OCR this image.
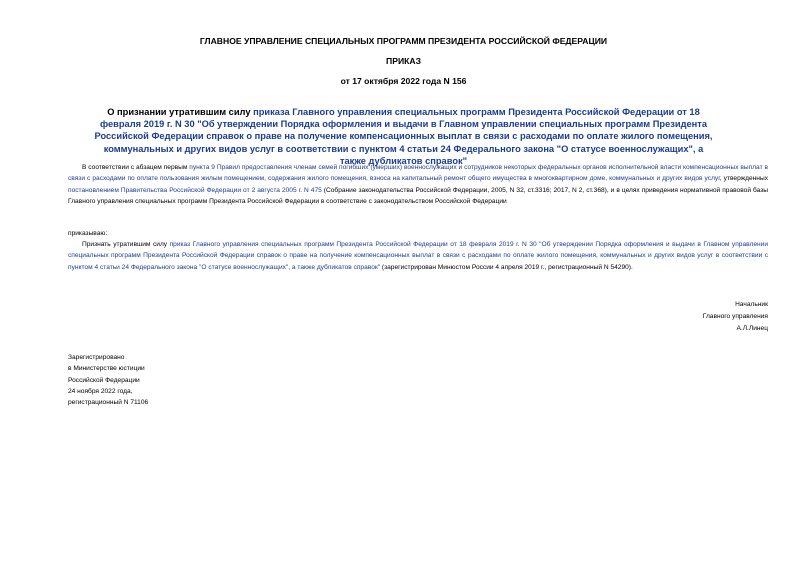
ГЛАВНОЕ УПРАВЛЕНИЕ СПЕЦИАЛЬНЫХ ПРОГРАММ ПРЕЗИДЕНТА РОССИЙСКОЙ ФЕДЕРАЦИИ
ПРИКАЗ
от 17 октября 2022 года N 156
О признании утратившим силу приказа Главного управления специальных программ Президента Российской Федерации от 18 февраля 2019 г. N 30 "Об утверждении Порядка оформления и выдачи в Главном управлении специальных программ Президента Российской Федерации справок о праве на получение компенсационных выплат в связи с расходами по оплате жилого помещения, коммунальных и других видов услуг в соответствии с пунктом 4 статьи 24 Федерального закона "О статусе военнослужащих", а также дубликатов справок"
В соответствии с абзацем первым пункта 9 Правил предоставления членам семей погибших (умерших) военнослужащих и сотрудников некоторых федеральных органов исполнительной власти компенсационных выплат в связи с расходами по оплате пользования жилым помещением, содержания жилого помещения, взноса на капитальный ремонт общего имущества в многоквартирном доме, коммунальных и других видов услуг, утвержденных постановлением Правительства Российской Федерации от 2 августа 2005 г. N 475 (Собрание законодательства Российской Федерации, 2005, N 32, ст.3316; 2017, N 2, ст.368), и в целях приведения нормативной правовой базы Главного управления специальных программ Президента Российской Федерации в соответствие с законодательством Российской Федерации
приказываю:
Признать утратившим силу приказ Главного управления специальных программ Президента Российской Федерации от 18 февраля 2019 г. N 30 "Об утверждении Порядка оформления и выдачи в Главном управлении специальных программ Президента Российской Федерации справок о праве на получение компенсационных выплат в связи с расходами по оплате жилого помещения, коммунальных и других видов услуг в соответствии с пунктом 4 статьи 24 Федерального закона "О статусе военнослужащих", а также дубликатов справок" (зарегистрирован Минюстом России 4 апреля 2019 г., регистрационный N 54290).
Начальник
Главного управления
А.Л.Линец
Зарегистрировано
в Министерстве юстиции
Российской Федерации
24 ноября 2022 года,
регистрационный N 71106
